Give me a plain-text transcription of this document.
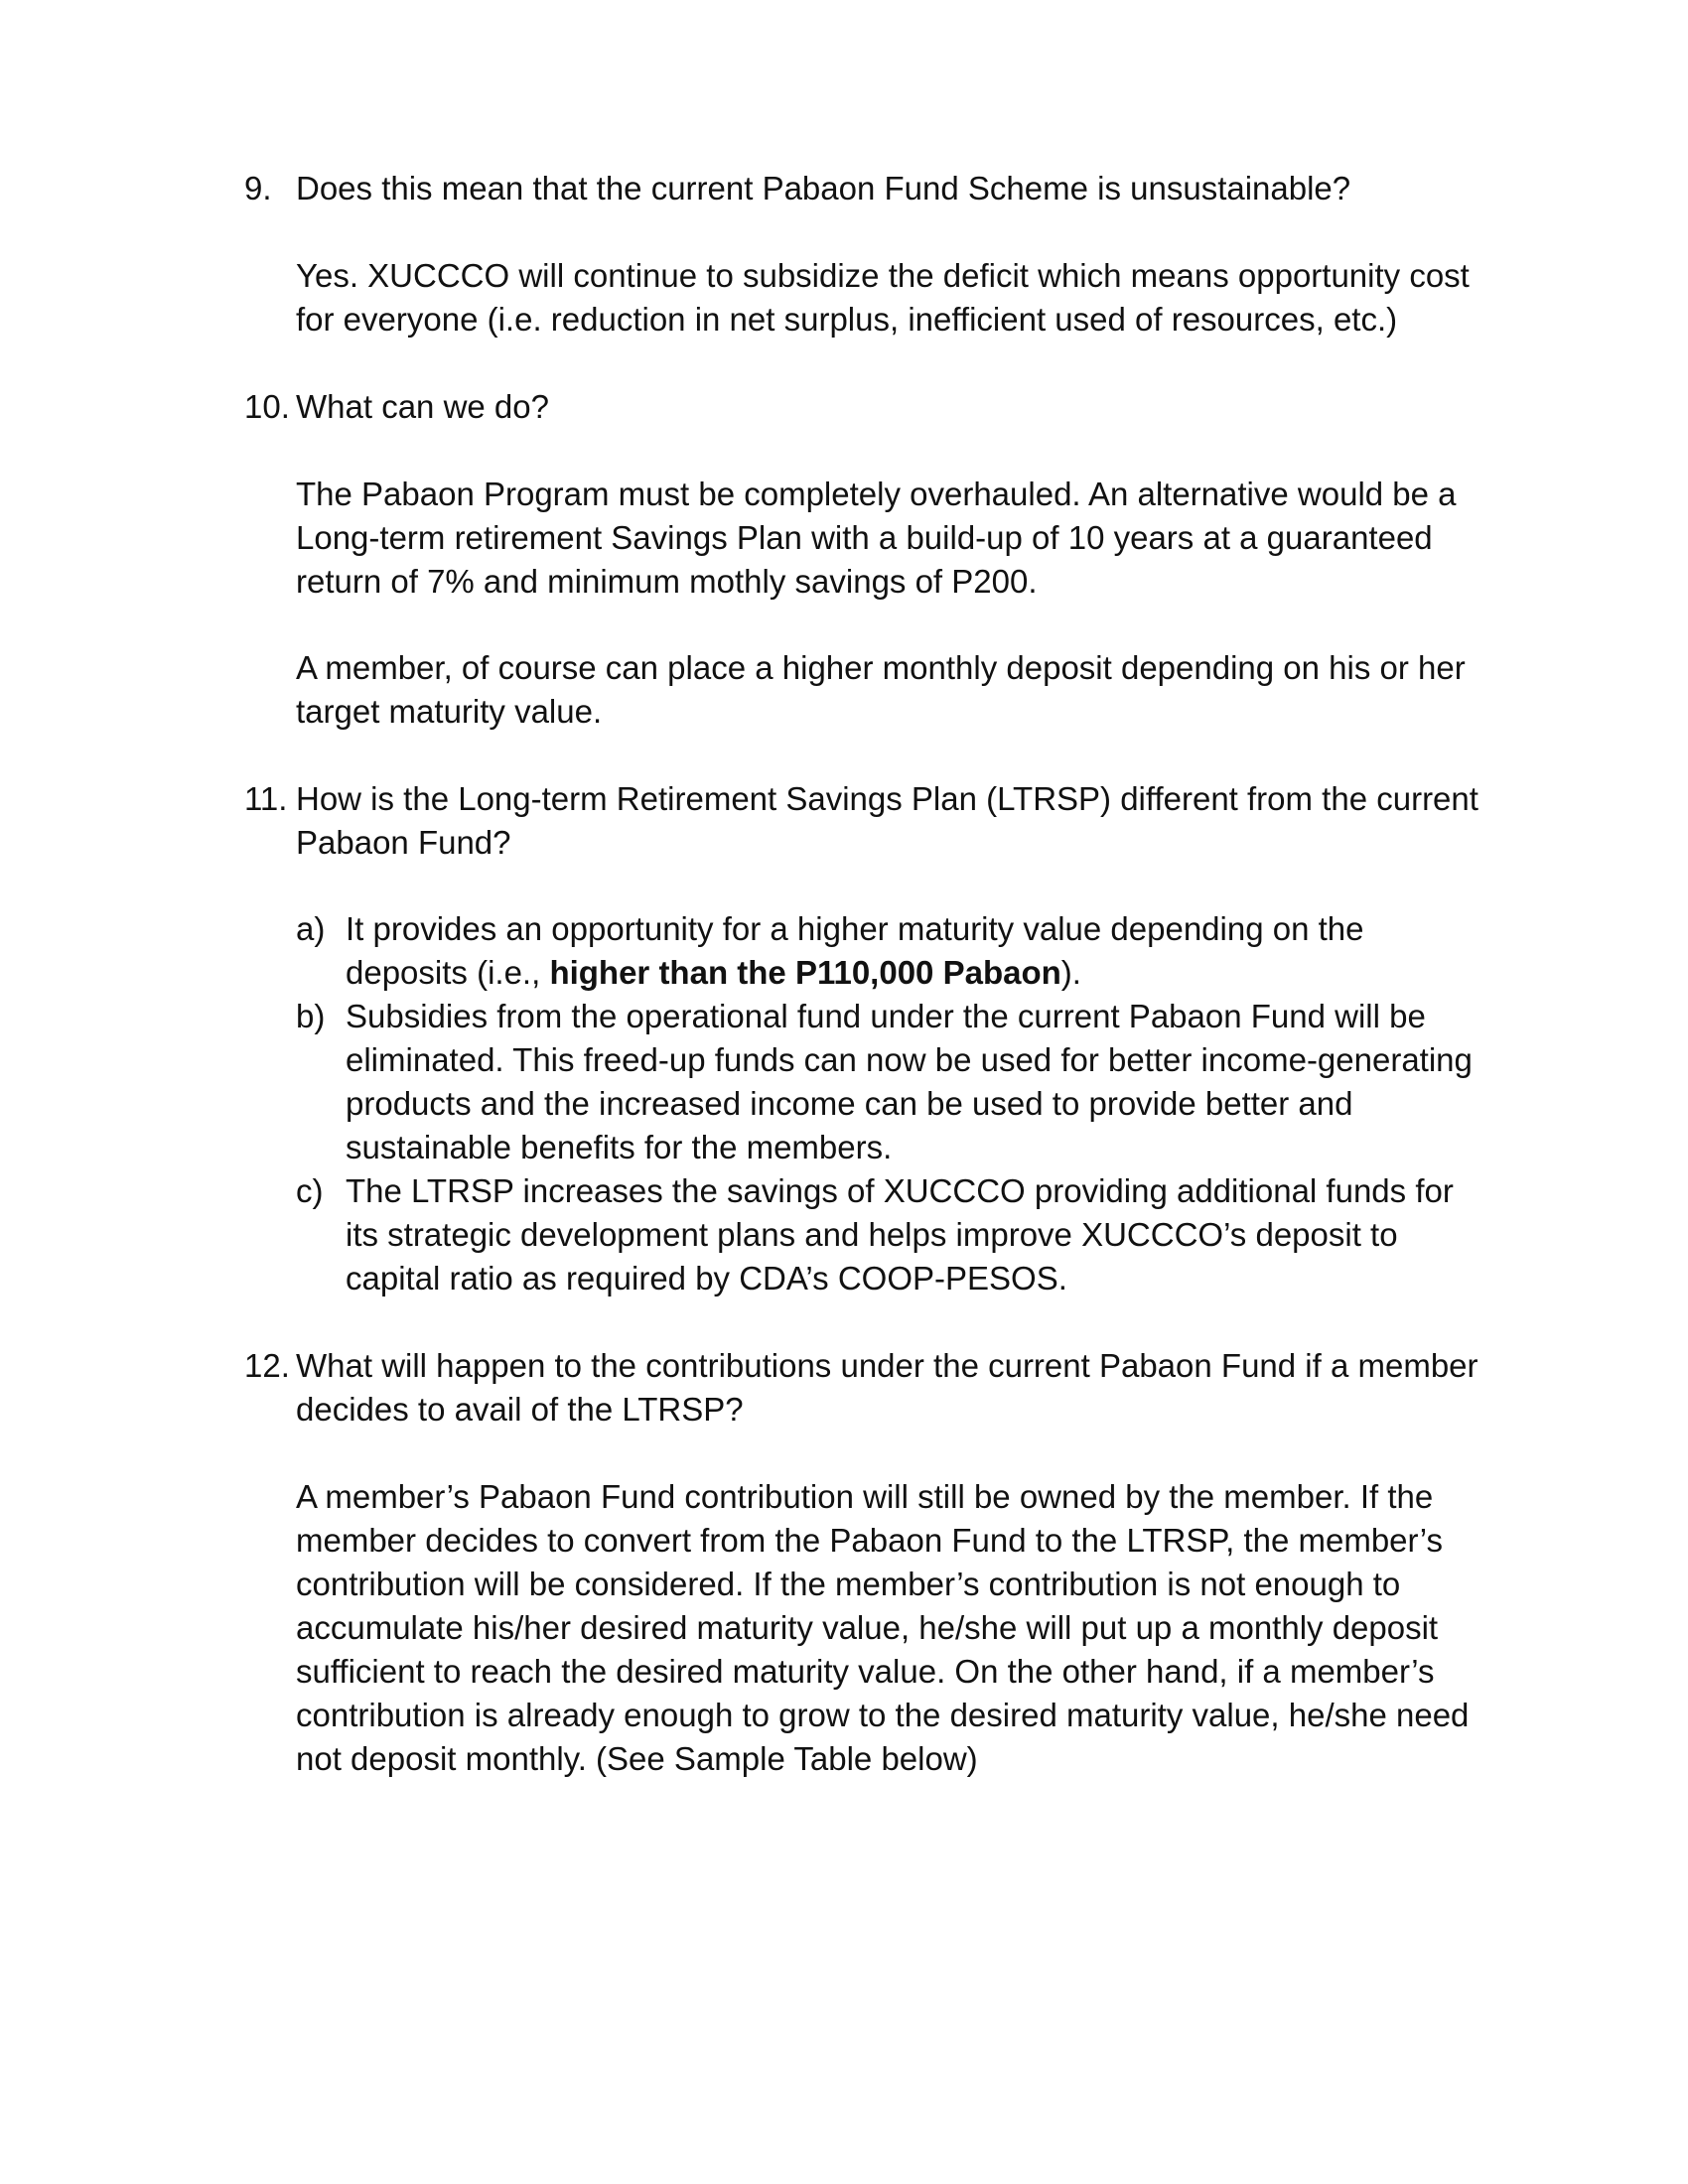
9. Does this mean that the current Pabaon Fund Scheme is unsustainable?

Yes. XUCCCO will continue to subsidize the deficit which means opportunity cost for everyone (i.e. reduction in net surplus, inefficient used of resources, etc.)

10. What can we do?

The Pabaon Program must be completely overhauled. An alternative would be a Long-term retirement Savings Plan with a build-up of 10 years at a guaranteed return of 7% and minimum mothly savings of P200.

A member, of course can place a higher monthly deposit depending on his or her target maturity value.

11. How is the Long-term Retirement Savings Plan (LTRSP) different from the current Pabaon Fund?
a) It provides an opportunity for a higher maturity value depending on the deposits (i.e., higher than the P110,000 Pabaon).
b) Subsidies from the operational fund under the current Pabaon Fund will be eliminated. This freed-up funds can now be used for better income-generating products and the increased income can be used to provide better and sustainable benefits for the members.
c) The LTRSP increases the savings of XUCCCO providing additional funds for its strategic development plans and helps improve XUCCCO’s deposit to capital ratio as required by CDA’s COOP-PESOS.
12. What will happen to the contributions under the current Pabaon Fund if a member decides to avail of the LTRSP?

A member’s Pabaon Fund contribution will still be owned by the member. If the member decides to convert from the Pabaon Fund to the LTRSP, the member’s contribution will be considered. If the member’s contribution is not enough to accumulate his/her desired maturity value, he/she will put up a monthly deposit sufficient to reach the desired maturity value. On the other hand, if a member’s contribution is already enough to grow to the desired maturity value, he/she need not deposit monthly. (See Sample Table below)
